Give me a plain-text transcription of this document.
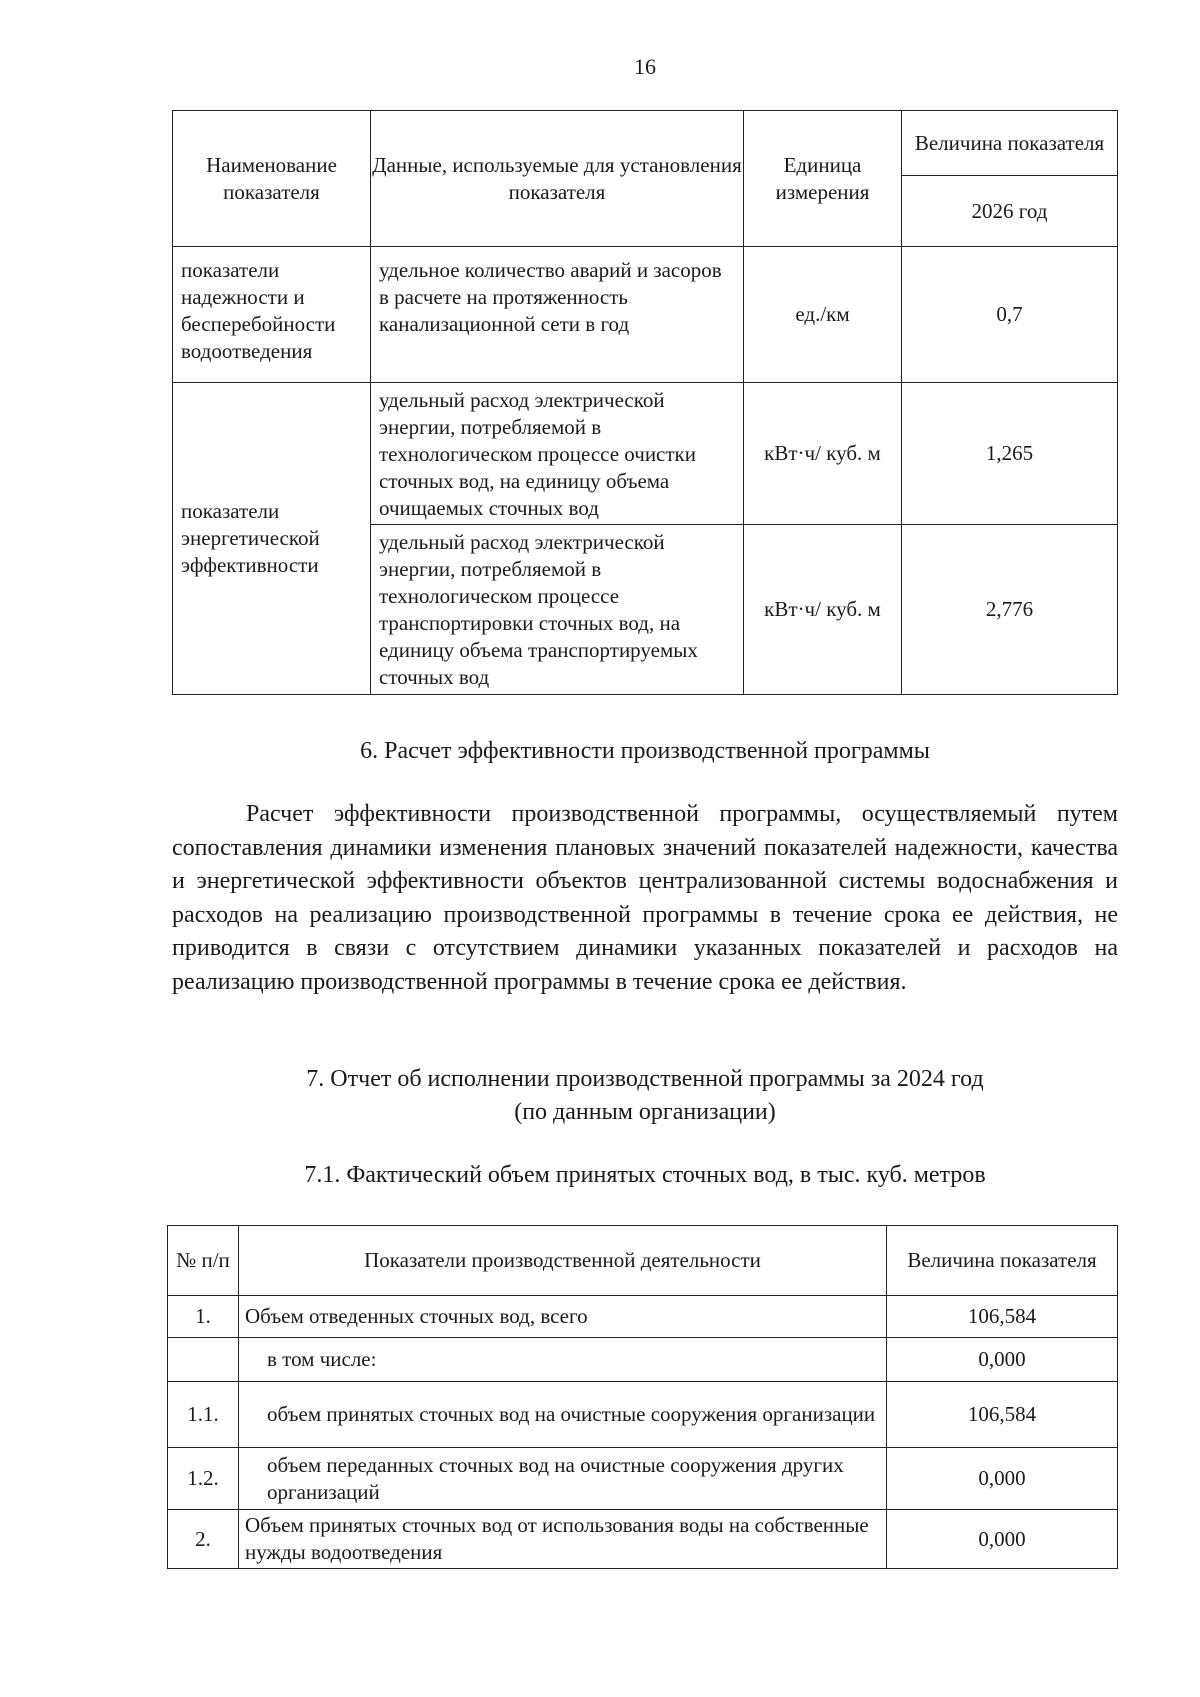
16
Наименование показателя	Данные, используемые для установления показателя	Единица измерения	Величина показателя
			2026 год
показатели надежности и бесперебойности водоотведения	удельное количество аварий и засоров в расчете на протяженность канализационной сети в год	ед./км	0,7
показатели энергетической эффективности	удельный расход электрической энергии, потребляемой в технологическом процессе очистки сточных вод, на единицу объема очищаемых сточных вод	кВт·ч/ куб. м	1,265
	удельный расход электрической энергии, потребляемой в технологическом процессе транспортировки сточных вод, на единицу объема транспортируемых сточных вод	кВт·ч/ куб. м	2,776
6. Расчет эффективности производственной программы
Расчет эффективности производственной программы, осуществляемый путем сопоставления динамики изменения плановых значений показателей надежности, качества и энергетической эффективности объектов централизованной системы водоснабжения и расходов на реализацию производственной программы в течение срока ее действия, не приводится в связи с отсутствием динамики указанных показателей и расходов на реализацию производственной программы в течение срока ее действия.
7. Отчет об исполнении производственной программы за 2024 год
(по данным организации)
7.1. Фактический объем принятых сточных вод, в тыс. куб. метров
№ п/п	Показатели производственной деятельности	Величина показателя
1.	Объем отведенных сточных вод, всего	106,584
	в том числе:	0,000
1.1.	объем принятых сточных вод на очистные сооружения организации	106,584
1.2.	объем переданных сточных вод на очистные сооружения других организаций	0,000
2.	Объем принятых сточных вод от использования воды на собственные нужды водоотведения	0,000
